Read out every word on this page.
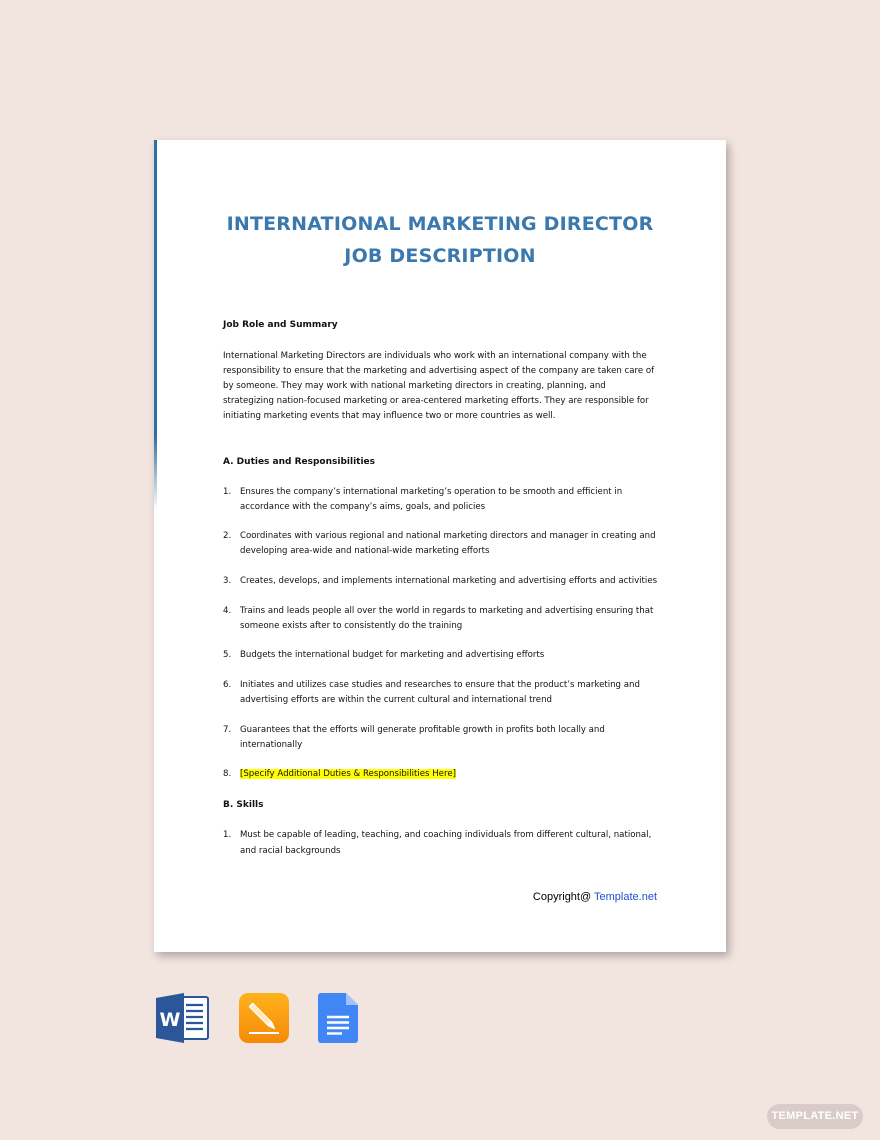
INTERNATIONAL MARKETING DIRECTOR
JOB DESCRIPTION
Job Role and Summary
International Marketing Directors are individuals who work with an international company with the responsibility to ensure that the marketing and advertising aspect of the company are taken care of by someone. They may work with national marketing directors in creating, planning, and strategizing nation-focused marketing or area-centered marketing efforts. They are responsible for initiating marketing events that may influence two or more countries as well.
A. Duties and Responsibilities
1.	Ensures the company’s international marketing’s operation to be smooth and efficient in accordance with the company’s aims, goals, and policies
2.	Coordinates with various regional and national marketing directors and manager in creating and developing area-wide and national-wide marketing efforts
3.	Creates, develops, and implements international marketing and advertising efforts and activities
4.	Trains and leads people all over the world in regards to marketing and advertising ensuring that someone exists after to consistently do the training
5.	Budgets the international budget for marketing and advertising efforts
6.	Initiates and utilizes case studies and researches to ensure that the product’s marketing and advertising efforts are within the current cultural and international trend
7.	Guarantees that the efforts will generate profitable growth in profits both locally and internationally
8.	[Specify Additional Duties & Responsibilities Here]
B. Skills
1.	Must be capable of leading, teaching, and coaching individuals from different cultural, national, and racial backgrounds
Copyright@ Template.net
W
TEMPLATE.NET
